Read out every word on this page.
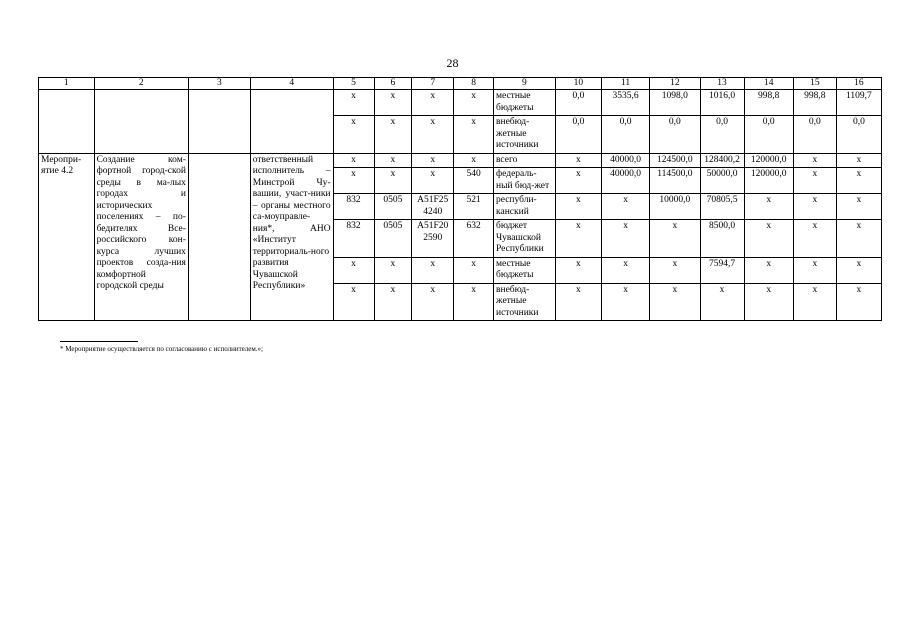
28
1	2	3	4	5	6	7	8	9	10	11	12	13	14	15	16
				х	х	х	х	местные бюджеты	0,0	3535,6	1098,0	1016,0	998,8	998,8	1109,7
				х	х	х	х	внебюд-жетные источники	0,0	0,0	0,0	0,0	0,0	0,0	0,0
Меропри-ятие 4.2	Создание ком-фортной город-ской среды в ма-лых городах и исторических поселениях – по-бедителях Все-российского кон-курса лучших проектов созда-ния комфортной городской среды		ответственный исполнитель – Минстрой Чу-вашии, участ-ники – органы местного са-моуправле-ния*, АНО «Институт территориаль-ного развития Чувашской Республики»	х	х	х	х	всего	х	40000,0	124500,0	128400,2	120000,0	х	х
				х	х	х	540	федераль-ный бюд-жет	х	40000,0	114500,0	50000,0	120000,0	х	х
				832	0505	A51F25 4240	521	республи-канский	х	х	10000,0	70805,5	х	х	х
				832	0505	A51F20 2590	632	бюджет Чувашской Республики	х	х	х	8500,0	х	х	х
				х	х	х	х	местные бюджеты	х	х	х	7594,7	х	х	х
				х	х	х	х	внебюд-жетные источники	х	х	х	х	х	х	х
* Мероприятие осуществляется по согласованию с исполнителем.»;
